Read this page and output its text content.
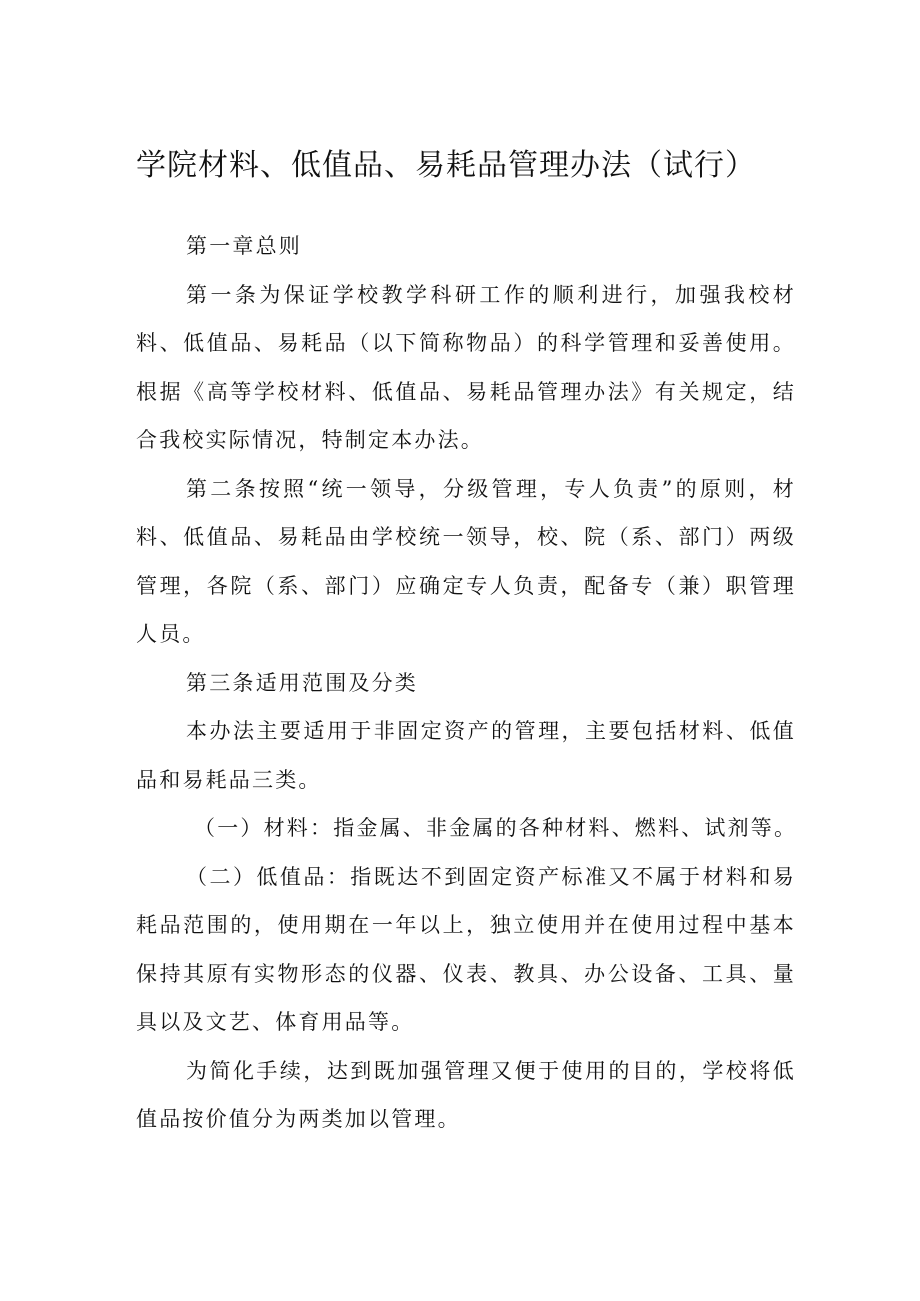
学院材料、低值品、易耗品管理办法（试行）

第一章总则

第一条为保证学校教学科研工作的顺利进行，加强我校材料、低值品、易耗品（以下简称物品）的科学管理和妥善使用。根据《高等学校材料、低值品、易耗品管理办法》有关规定，结合我校实际情况，特制定本办法。

第二条按照“统一领导，分级管理，专人负责”的原则，材料、低值品、易耗品由学校统一领导，校、院（系、部门）两级管理，各院（系、部门）应确定专人负责，配备专（兼）职管理人员。

第三条适用范围及分类

本办法主要适用于非固定资产的管理，主要包括材料、低值品和易耗品三类。

（一）材料：指金属、非金属的各种材料、燃料、试剂等。

（二）低值品：指既达不到固定资产标准又不属于材料和易耗品范围的，使用期在一年以上，独立使用并在使用过程中基本保持其原有实物形态的仪器、仪表、教具、办公设备、工具、量具以及文艺、体育用品等。

为简化手续，达到既加强管理又便于使用的目的，学校将低值品按价值分为两类加以管理。
